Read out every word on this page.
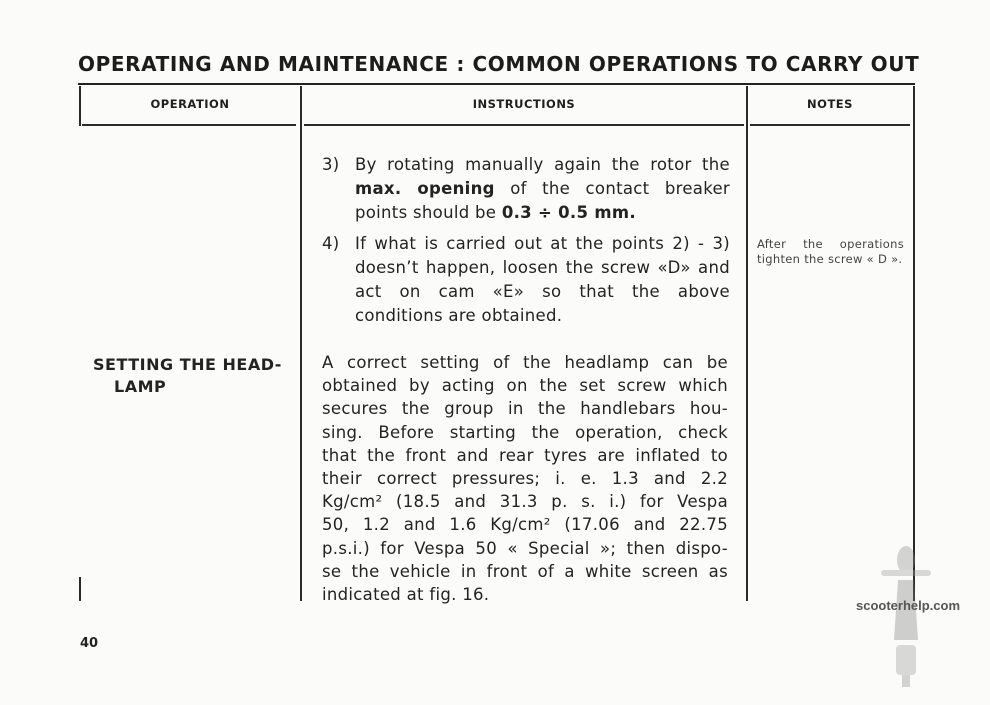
OPERATING AND MAINTENANCE : COMMON OPERATIONS TO CARRY OUT
OPERATION	INSTRUCTIONS	NOTES
3) By rotating manually again the rotor the max. opening of the contact breaker points should be 0.3 ÷ 0.5 mm.
4) If what is carried out at the points 2) - 3) doesn’t happen, loosen the screw «D» and act on cam «E» so that the above conditions are obtained.
After the operations tighten the screw « D ».
SETTING THE HEAD-
LAMP
A correct setting of the headlamp can be
obtained by acting on the set screw which
secures the group in the handlebars hou-
sing. Before starting the operation, check
that the front and rear tyres are inflated to
their correct pressures; i. e. 1.3 and 2.2
Kg/cm² (18.5 and 31.3 p. s. i.) for Vespa
50, 1.2 and 1.6 Kg/cm² (17.06 and 22.75
p.s.i.) for Vespa 50 « Special »; then dispo-
se the vehicle in front of a white screen as
indicated at fig. 16.
40
scooterhelp.com
